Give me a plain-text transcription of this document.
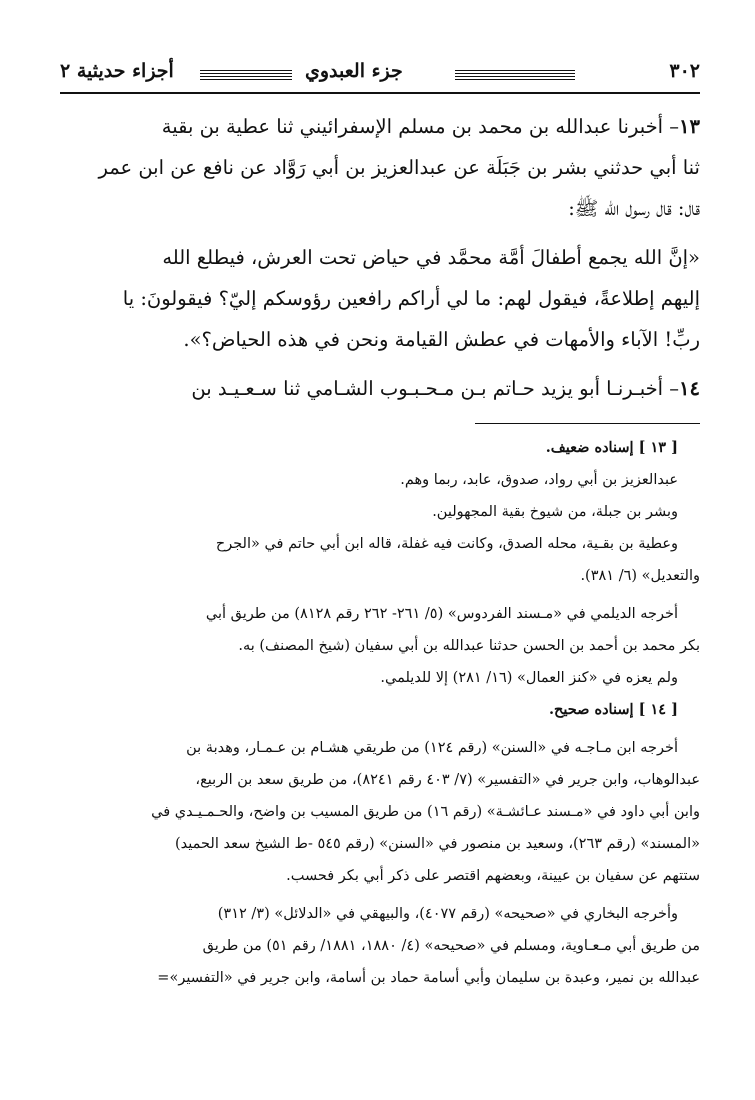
٣٠٢
جزء العبدوي
أجزاء حديثية ٢

١٣– أخبرنا عبدالله بن محمد بن مسلم الإسفرائيني ثنا عطية بن بقية
ثنا أبي حدثني بشر بن جَبَلَة عن عبدالعزيز بن أبي رَوَّاد عن نافع عن ابن عمر
قال: قال رسول الله ﷺ:

«إنَّ الله يجمع أطفالَ أمَّة محمَّد في حياض تحت العرش، فيطلع الله
إليهم إطلاعةً، فيقول لهم: ما لي أراكم رافعين رؤوسكم إليّ؟ فيقولونَ: يا
ربِّ! الآباء والأمهات في عطش القيامة ونحن في هذه الحياض؟».

١٤– أخبـرنـا أبو يزيد حـاتم بـن مـحـبـوب الشـامي ثنا سـعـيـد بن

[ ١٣ ] إسناده ضعيف.

عبدالعزيز بن أبي رواد، صدوق، عابد، ربما وهم.

وبشر بن جبلة، من شيوخ بقية المجهولين.

وعطية بن بقـية، محله الصدق، وكانت فيه غفلة، قاله ابن أبي حاتم في «الجرح

والتعديل» (٦/ ٣٨١).

أخرجه الديلمي في «مـسند الفردوس» (٥/ ٢٦١- ٢٦٢ رقم ٨١٢٨) من طريق أبي

بكر محمد بن أحمد بن الحسن حدثنا عبدالله بن أبي سفيان (شيخ المصنف) به.

ولم يعزه في «كنز العمال» (١٦/ ٢٨١) إلا للديلمي.

[ ١٤ ] إسناده صحيح.

أخرجه ابن مـاجـه في «السنن» (رقم ١٢٤) من طريقي هشـام بن عـمـار، وهدبة بن

عبدالوهاب، وابن جرير في «التفسير» (٧/ ٤٠٣ رقم ٨٢٤١)، من طريق سعد بن الربيع،

وابن أبي داود في «مـسند عـائشـة» (رقم ١٦) من طريق المسيب بن واضح، والحـمـيـدي في

«المسند» (رقم ٢٦٣)، وسعيد بن منصور في «السنن» (رقم ٥٤٥ -ط الشيخ سعد الحميد)

ستتهم عن سفيان بن عيينة، وبعضهم اقتصر على ذكر أبي بكر فحسب.

وأخرجه البخاري في «صحيحه» (رقم ٤٠٧٧)، والبيهقي في «الدلائل» (٣/ ٣١٢)

من طريق أبي مـعـاوية، ومسلم في «صحيحه» (٤/ ١٨٨٠، ١٨٨١/ رقم ٥١) من طريق

عبدالله بن نمير، وعبدة بن سليمان وأبي أسامة حماد بن أسامة، وابن جرير في «التفسير»=
